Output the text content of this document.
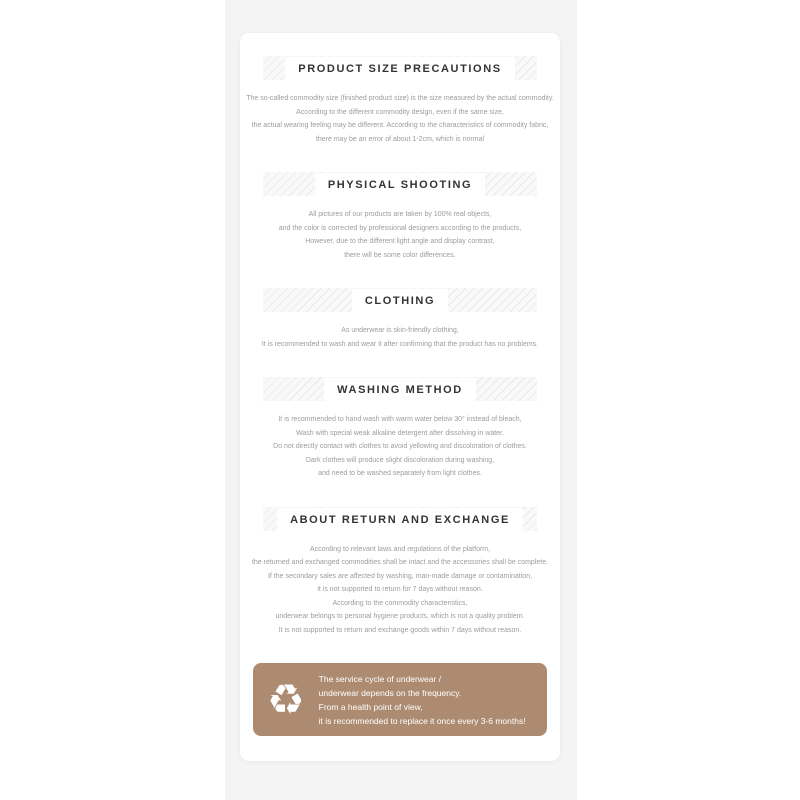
PRODUCT SIZE PRECAUTIONS
The so-called commodity size (finished product size) is the size measured by the actual commodity.
According to the different commodity design, even if the same size,
the actual wearing feeling may be different. According to the characteristics of commodity fabric,
there may be an error of about 1-2cm, which is normal
PHYSICAL SHOOTING
All pictures of our products are taken by 100% real objects,
and the color is corrected by professional designers according to the products,
However, due to the different light angle and display contrast,
there will be some color differences.
CLOTHING
As underwear is skin-friendly clothing,
It is recommended to wash and wear it after confirming that the product has no problems.
WASHING METHOD
It is recommended to hand wash with warm water below 30° instead of bleach,
Wash with special weak alkaline detergent after dissolving in water.
Do not directly contact with clothes to avoid yellowing and discoloration of clothes.
Dark clothes will produce slight discoloration during washing,
and need to be washed separately from light clothes.
ABOUT RETURN AND EXCHANGE
According to relevant laws and regulations of the platform,
the returned and exchanged commodities shall be intact and the accessories shall be complete.
If the secondary sales are affected by washing, man-made damage or contamination,
it is not supported to return for 7 days without reason.
According to the commodity characteristics,
underwear belongs to personal hygiene products, which is not a quality problem.
It is not supported to return and exchange goods within 7 days without reason.
♻ The service cycle of underwear /
underwear depends on the frequency.
From a health point of view,
it is recommended to replace it once every 3-6 months!
